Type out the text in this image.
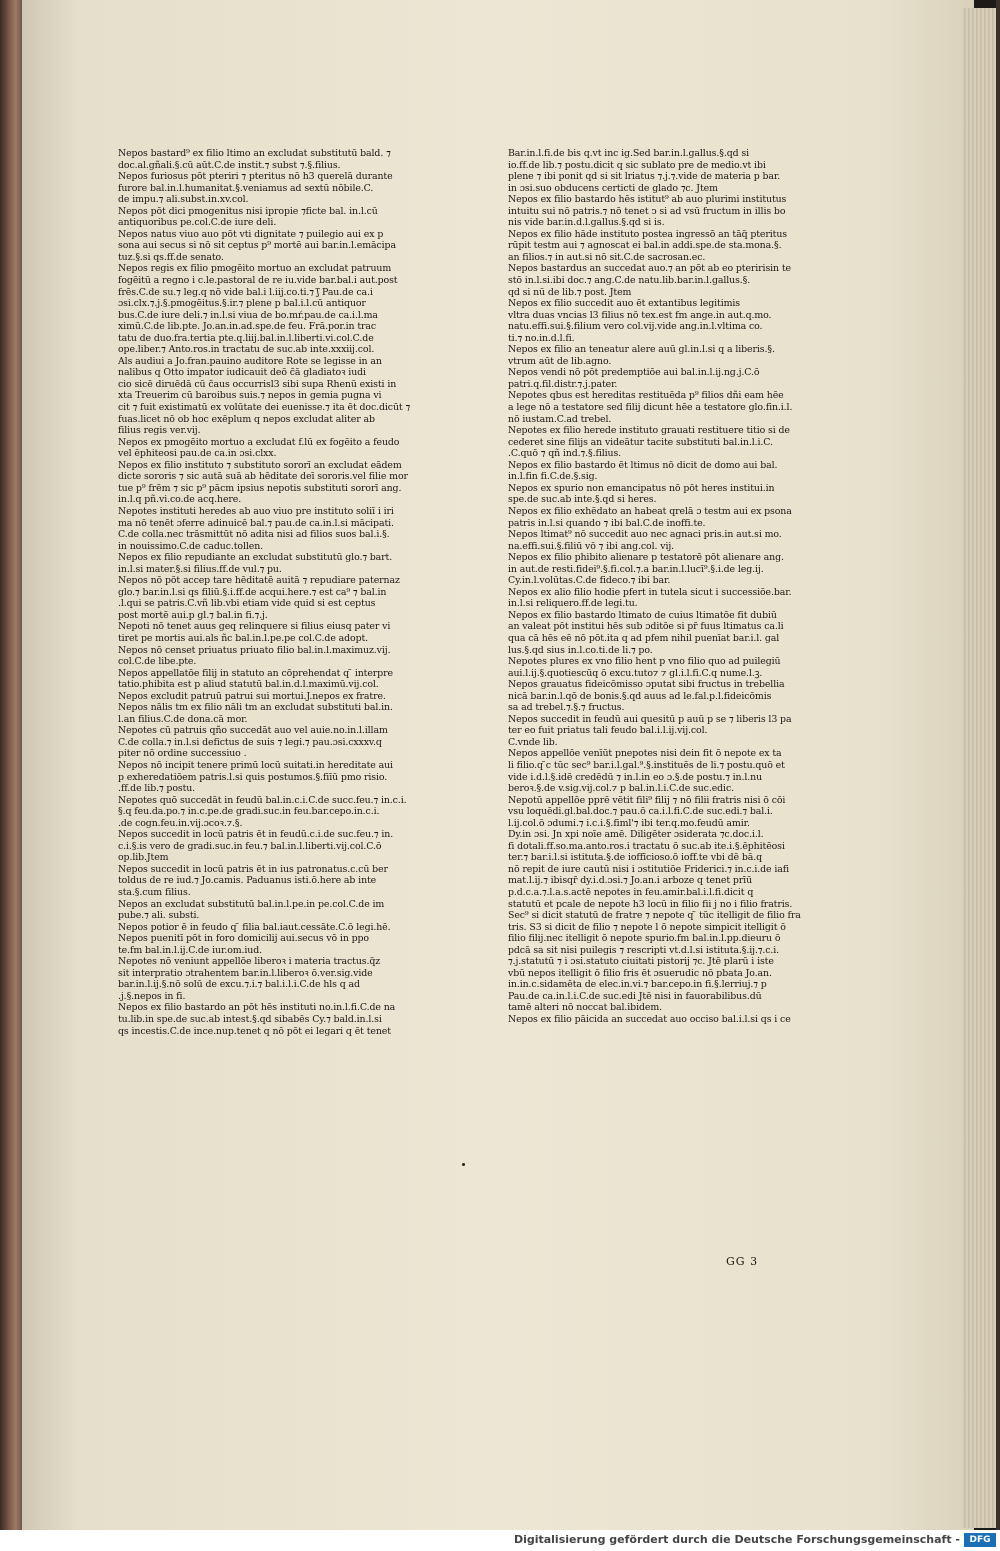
Nepos bastard⁹ ex filio ltimo an excludat substitutū bald. ⁊
doc.al.gñali.§.cū aūt.C.de instit.⁊ subst ⁊.§.filius.
Nepos furiosus pōt pteriri ⁊ pteritus nō h3 querelā durante
furore bal.in.l.humanitat.§.veniamus ad sextū nōbile.C.
de impu.⁊ ali.subst.in.xv.col.
Nepos pōt dici pmogenitus nisi ipropie ⁊ficte bal. in.l.cū
antiquoribus pe.col.C.de iure deli.
Nepos natus viuo auo pōt vti dignitate ⁊ puilegio aui ex p
sona aui secus si nō sit ceptus p⁹ mortē aui bar.in.l.emācipa
tuz.§.si qs.ff.de senato.
Nepos regis ex filio pmogēito mortuo an excludat patruum
fogēitū a regno i c.le.pastoral de re iu.vide bar.bal.i aut.post
frēs.C.de su.⁊ leg.q nō vide bal.i l.iij.co.ti.⁊ ʃ̃ Pau.de ca.i
ɔsi.clx.⁊.j.§.pmogēitus.§.ir.⁊ plene p bal.i.l.cū antiquor
bus.C.de iure deli.⁊ in.l.si viua de bo.mŕ.pau.de ca.i.l.ma
ximū.C.de lib.pte. Jo.an.in.ad.spe.de feu. Frā.por.in trac
tatu de duo.fra.tertia pte.q.liij.bal.in.l.liberti.vi.col.C.de
ope.liber.⁊ Anto.ros.in tractatu de suc.ab inte.xxxiij.col.
Als audiui a Jo.fran.pauino auditore Rote se legisse in an
nalibus q Otto impator iudicauit deō c̄ā gladiatoꝛ iudi
cio sicē diruēdā cū c̄aus occurrisl3 sibi supa Rhenū existi in
xta Treuerim cū baroibus suis.⁊ nepos in gemia pugna vi
cit ⁊ fuit existimatū ex volūtate dei euenisse.⁊ ita ēt doc.dicūt ⁊
fuas.licet nō ob hoc exēplum q nepos excludat aliter ab
filius regis ver.vij.
Nepos ex pmogēito mortuo a excludat f.lū ex fogēito a feudo
vel ēphiteosi pau.de ca.in ɔsi.clxx.
Nepos ex filio instituto ⁊ substituto sororī an excludat eādem
dicte sororis ⁊ sic autā suā ab hēditate deī sororis.vel filie mor
tue p⁹ frēm ⁊ sic p⁹ pācm ipsius nepotis substituti sororī ang.
in.l.q pñ.vi.co.de acq.here.
Nepotes instituti heredes ab auo viuo pre instituto soliī i iri
ma nō tenēt ɔferre adinuicē bal.⁊ pau.de ca.in.l.si mācipati.
C.de colla.nec trāsmittūt nō adita nisi ad filios suos bal.i.§.
in nouissimo.C.de caduc.tollen.
Nepos ex filio repudiante an excludat substitutū glo.⁊ bart.
in.l.si mater.§.si filius.ff.de vul.⁊ pu.
Nepos nō pōt accep tare hēditatē auitā ⁊ repudiare paternaz
glo.⁊ bar.in.l.si qs filiū.§.i.ff.de acqui.here.⁊ est ca⁹ ⁊ bal.in
.l.qui se patris.C.vñ lib.vbi etiam vide quid si est ceptus
post mortē aui.p gl.⁊ bal.in fi.⁊.j.
Nepoti nō tenet auus geq relinquere si filius eiusq pater vi
tiret pe mortis aui.als ñc bal.in.l.pe.pe col.C.de adopt.
Nepos nō censet priuatus priuato filio bal.in.l.maximuz.vij.
col.C.de libe.pte.
Nepos appellatōe filij in statuto an cōprehendat q ̃ interpre
tatio.phibita est p aliud statutū bal.in.d.l.maximū.vij.col.
Nepos excludit patruū patrui sui mortui.J.nepos ex fratre.
Nepos nālis tm ex filio nāli tm an excludat substituti bal.in.
l.an filius.C.de dona.cā mor.
Nepotes cū patruis qño succedāt auo vel auie.no.in.l.illam
C.de colla.⁊ in.l.si defictus de suis ⁊ legi.⁊ pau.ɔsi.cxxxv.q
piter nō ordine successiuo .
Nepos nō incipit tenere primū locū suitati.in hereditate aui
p exheredatiōem patris.l.si quis postumos.§.fiīū pmo risio.
.ff.de lib.⁊ postu.
Nepotes quō succedāt in feudū bal.in.c.i.C.de succ.feu.⁊ in.c.i.
§.q feu.da.po.⁊ in.c.pe.de gradi.suc.in feu.bar.cepo.in.c.i.
.de cogn.feu.in.vij.ɔcoꝛ.⁊.§.
Nepos succedit in locū patris ēt in feudū.c.i.de suc.feu.⁊ in.
c.i.§.is vero de gradi.suc.in feu.⁊ bal.in.l.liberti.vij.col.C.ō
op.lib.Jtem
Nepos succedit in locū patris ēt in ius patronatus.c.cū ber
toldus de re iud.⁊ Jo.camis. Paduanus isti.ō.here ab inte
sta.§.cum filius.
Nepos an excludat substitutū bal.in.l.pe.in pe.col.C.de im
pube.⁊ ali. substi.
Nepos potior ē in feudo q ̃ filia bal.iaut.cessāte.C.ō legi.hē.
Nepos puenitī pōt in foro domicilij aui.secus vō in ppo
te.fm bal.in.l.ij.C.de iur.om.iud.
Nepotes nō veniunt appellōe liberoꝛ i materia tractus.q̃z
sit interpratio ɔtrahentem bar.in.l.liberoꝛ ō.ver.sig.vide
bar.in.l.ij.§.nō solū de excu.⁊.i.⁊ bal.i.l.i.C.de h̄ls q ad
.j.§.nepos in fi.
Nepos ex filio bastardo an pōt hēs instituti no.in.l.fi.C.de na
tu.lib.in spe.de suc.ab intest.§.qd sibabēs Cy.⁊ bald.in.l.si
qs incestis.C.de ince.nup.tenet q nō pōt ei legari q ēt tenet
Bar.in.l.fi.de bis q.vt inc ig.Sed bar.in.l.gallus.§.qd si
io.ff.de lib.⁊ postu.dicit q sic sublato pre de medio.vt ibi
plene ⁊ ibi ponit qd si sit lriatus ⁊.j.⁊.vide de materia p bar.
in ɔsi.suo obducens certicti de glado ⁊c. Jtem
Nepos ex filio bastardo hēs istitut⁹ ab auo plurimi institutus
intuitu sui nō patris.⁊ nō tenet ↄ si ad vsū fructum in illis bo
nis vide bar.in.d.l.gallus.§.qd si is.
Nepos ex filio hāde instituto postea ingressō an tāq̃ pteritus
rūpit testm aui ⁊ agnoscat ei bal.in addi.spe.de sta.mona.§.
an filios.⁊ in aut.si nō sit.C.de sacrosan.ec.
Nepos bastardus an succedat auo.⁊ an pōt ab eo pteririsin te
stō in.l.si.ibi doc.⁊ ang.C.de natu.lib.bar.in.l.gallus.§.
qd si nū de lib.⁊ post. Jtem
Nepos ex filio succedit auo ēt extantibus legitimis
vltra duas vncias l3 filius nō tex.est fm ange.in aut.q.mo.
natu.effi.sui.§.filium vero col.vij.vide ang.in.l.vltima co.
ti.⁊ no.in.d.l.fi.
Nepos ex filio an teneatur alere auū gl.in.l.si q a liberis.§.
vtrum aūt de lib.agno.
Nepos vendi nō pōt predemptiōe aui bal.in.l.ij.ng.j.C.ō
patri.q.fil.distr.⁊.j.pater.
Nepotes qbus est hereditas restituēda p⁹ filios dñi eam hēe
a lege nō a testatore sed filij dicunt hēe a testatore glo.fin.i.l.
nō iustam.C.ad trebel.
Nepotes ex filio herede instituto grauati restituere titio si de
cederet sine filijs an videātur tacite substituti bal.in.l.i.C.
.C.quō ⁊ qñ ind.⁊.§.filius.
Nepos ex filio bastardo ēt ltimus nō dicit de domo aui bal.
in.l.fin fi.C.de.§.sig.
Nepos ex spurio non emancipatus nō pōt heres institui.in
spe.de suc.ab inte.§.qd si heres.
Nepos ex filio exhēdato an habeat qrelā ɔ testm aui ex psona
patris in.l.si quando ⁊ ibi bal.C.de inoffi.te.
Nepos ltimat⁹ nō succedit auo nec agnaci pris.in aut.si mo.
na.effi.sui.§.filiū vō ⁊ ibi ang.col. vij.
Nepos ex filio phibito alienare p testatorē pōt alienare ang.
in aut.de resti.fidei⁹.§.fi.col.⁊.a bar.in.l.lucī⁹.§.i.de leg.ij.
Cy.in.l.volūtas.C.de fideco.⁊ ibi bar.
Nepos ex alio filio hodie pfert in tutela sicut i successiōe.bar.
in.l.si reliquero.ff.de legi.tu.
Nepos ex filio bastardo ltimato de cuius ltimatōe fit dubiū
an valeat pōt institui hēs sub ɔditōe si pr̃ fuus ltimatus ca.li
qua cā hēs eē nō pōt.ita q ad pfem nihil puenīat bar.i.l. gal
lus.§.qd sius in.l.co.ti.de li.⁊ po.
Nepotes plures ex vno filio hent p vno filio quo ad puilegiū
aui.l.ij.§.quotiescūq ō excu.tuto⁊ ⁊ gl.i.l.fi.C.q nume.l.ꝫ.
Nepos grauatus fideicōmisso ɔputat sibi fructus in trebellia
nicā bar.in.l.qō de bonis.§.qd auus ad le.fal.p.l.fideicōmis
sa ad trebel.⁊.§.⁊ fructus.
Nepos succedit in feudū aui quesitū p auū p se ⁊ liberis l3 pa
ter eo fuit priatus tali feudo bal.i.l.ij.vij.col.
C.vnde lib.
Nepos appellōe venīūt pnepotes nisi dein fit ō nepote ex ta
li filio.q ̃c tūc sec⁹ bar.i.l.gal.⁹.§.instituēs de li.⁊ postu.quō et
vide i.d.l.§.idē credēdū ⁊ in.l.in eo ɔ.§.de postu.⁊ in.l.nu
beroꝛ.§.de v.sig.vij.col.⁊ p bal.in.l.i.C.de suc.edic.
Nepotū appellōe pprē vētit fili⁹ filij ⁊ nō filii fratris nisi ō cōi
vsu loquēdi.gl.bal.doc.⁊ pau.ō ca.i.l.fi.C.de suc.edi.⁊ bal.i.
l.ij.col.ō ɔdumi.⁊ i.c.i.§.fiml'⁊ ibi ter.q.mo.feudū amir.
Dy.in ɔsi. Jn xpi noīe amē. Diligēter ɔsiderata ⁊c.doc.i.l.
fi dotali.ff.so.ma.anto.ros.i tractatu ō suc.ab ite.i.§.ēphitēosi
ter.⁊ bar.i.l.si istituta.§.de ioffīcioso.ō ioff.te vbi dē bā.q
nō repit de iure cautū nisi i ɔstitutiōe Friderici.⁊ in.c.i.de iafi
mat.l.ij.⁊ ibisqr̃ dy.i.d.ɔsi.⁊ Jo.an.i arboze q tenet prīū
p.d.c.a.⁊.l.a.s.actē nepotes in feu.amir.bal.i.l.fi.dicit q
statutū et pcale de nepote h3 locū in filio fii j no i filio fratris.
Sec⁹ si dicit statutū de fratre ⁊ nepote q ̃ tūc itelligit de filio fra
tris. S3 si dicit de filio ⁊ nepote l ō nepote simpicit itelligit ō
filio filij.nec itelligit ō nepote spurio.fm bal.in.l.pp.dieuru ō
pdcā sa sit nisi puilegis ⁊ rescripti vt.d.l.si istituta.§.ij.⁊.c.i.
⁊.j.statutū ⁊ i ɔsi.statuto ciuitati pistorij ⁊c. Jtē plarū i iste
vbū nepos itelligit ō filio fris ēt ɔsuerudic nō pbata Jo.an.
in.in.c.sidamēta de elec.in.vi.⁊ bar.cepo.in fi.§.lerriuj.⁊ p
Pau.de ca.in.l.i.C.de suc.edi Jtē nisi in fauorabilibus.dū
tamē alteri nō noccat bal.ibidem.
Nepos ex filio pāicida an succedat auo occiso bal.i.l.si qs i ce
GG 3
Digitalisierung gefördert durch die Deutsche Forschungsgemeinschaft -	DFG
